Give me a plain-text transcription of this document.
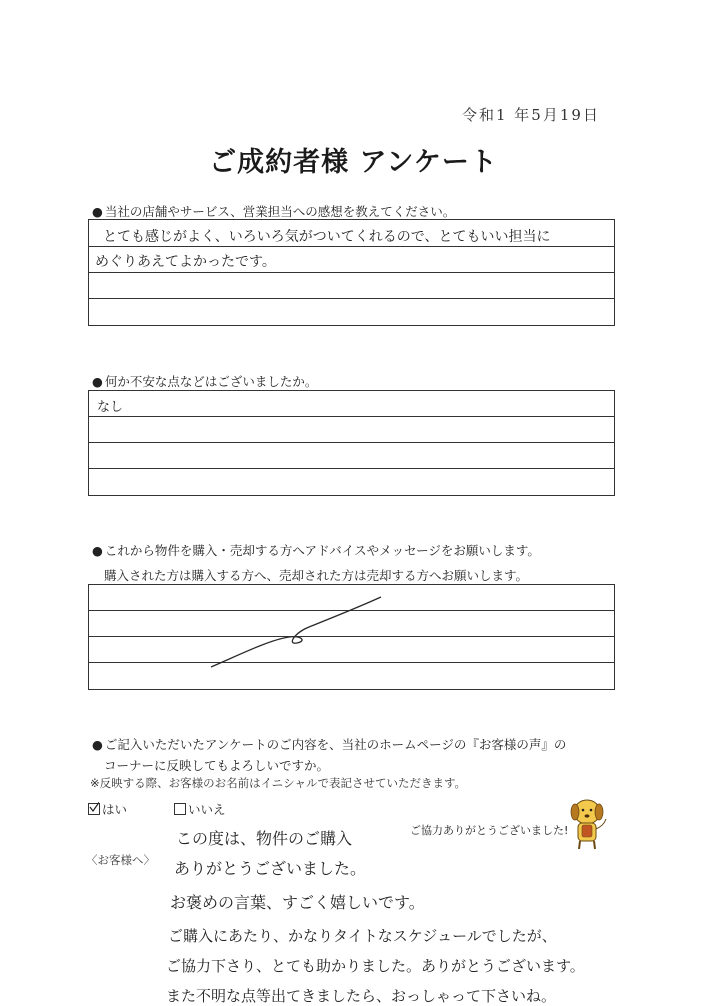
令和1 年5月19日
ご成約者様 アンケート
● 当社の店舗やサービス、営業担当への感想を教えてください。
とても感じがよく、いろいろ気がついてくれるので、とてもいい担当に
めぐりあえてよかったです。
● 何か不安な点などはございましたか。
なし
● これから物件を購入・売却する方へアドバイスやメッセージをお願いします。
購入された方は購入する方へ、売却された方は売却する方へお願いします。
● ご記入いただいたアンケートのご内容を、当社のホームページの『お客様の声』の
コーナーに反映してもよろしいですか。
※反映する際、お客様のお名前はイニシャルで表記させていただきます。
はい	いいえ
ご協力ありがとうございました!
〈お客様へ〉
この度は、物件のご購入
ありがとうございました。
お褒めの言葉、すごく嬉しいです。
ご購入にあたり、かなりタイトなスケジュールでしたが、
ご協力下さり、とても助かりました。ありがとうございます。
また不明な点等出てきましたら、おっしゃって下さいね。
